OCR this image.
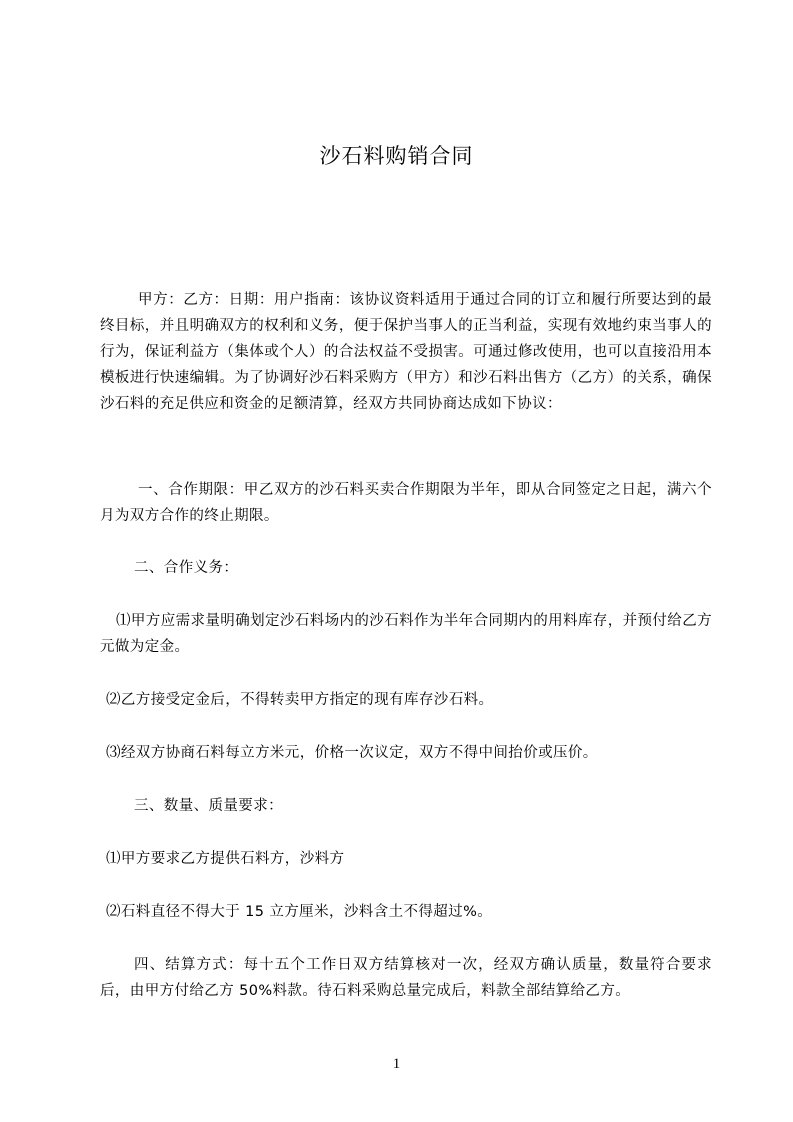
沙石料购销合同

甲方：乙方：日期：用户指南：该协议资料适用于通过合同的订立和履行所要达到的最终目标，并且明确双方的权利和义务，便于保护当事人的正当利益，实现有效地约束当事人的行为，保证利益方（集体或个人）的合法权益不受损害。可通过修改使用，也可以直接沿用本模板进行快速编辑。为了协调好沙石料采购方（甲方）和沙石料出售方（乙方）的关系，确保沙石料的充足供应和资金的足额清算，经双方共同协商达成如下协议：

一、合作期限：甲乙双方的沙石料买卖合作期限为半年，即从合同签定之日起，满六个月为双方合作的终止期限。

二、合作义务：

⑴甲方应需求量明确划定沙石料场内的沙石料作为半年合同期内的用料库存，并预付给乙方元做为定金。

⑵乙方接受定金后，不得转卖甲方指定的现有库存沙石料。

⑶经双方协商石料每立方米元，价格一次议定，双方不得中间抬价或压价。

三、数量、质量要求：

⑴甲方要求乙方提供石料方，沙料方

⑵石料直径不得大于 15 立方厘米，沙料含土不得超过%。

四、结算方式：每十五个工作日双方结算核对一次，经双方确认质量，数量符合要求后，由甲方付给乙方 50%料款。待石料采购总量完成后，料款全部结算给乙方。

1
